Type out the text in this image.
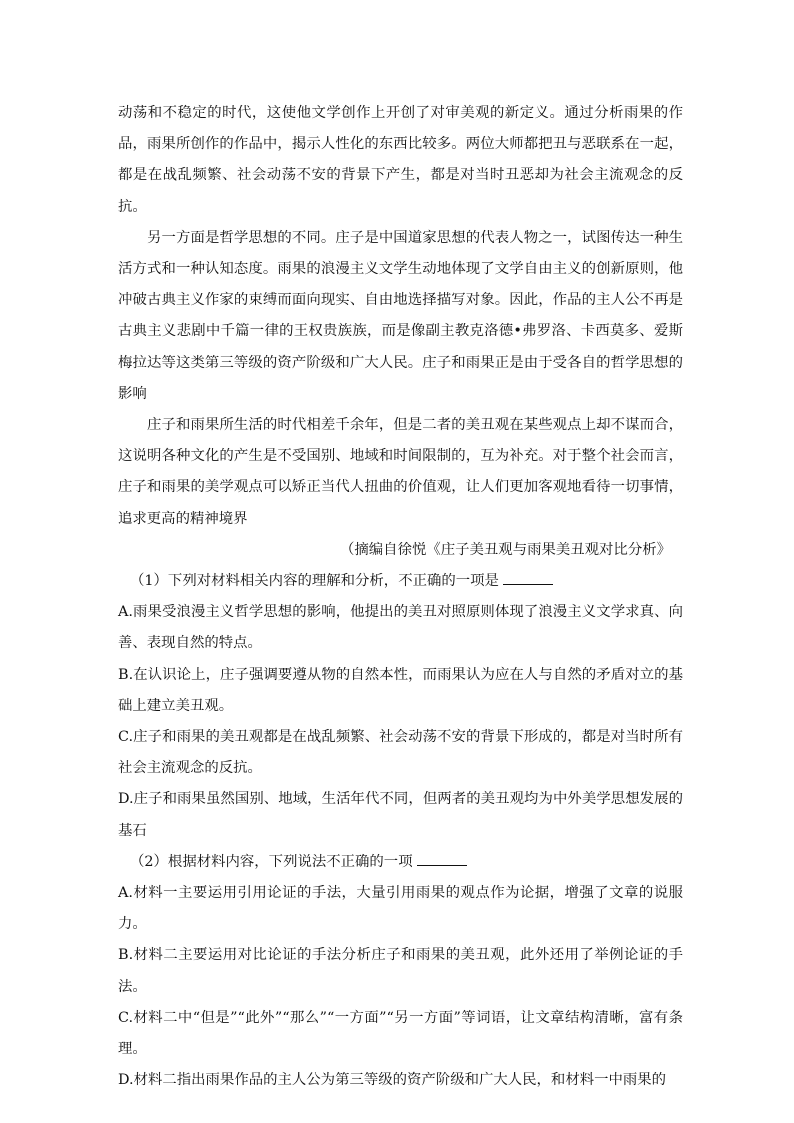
动荡和不稳定的时代，这使他文学创作上开创了对审美观的新定义。通过分析雨果的作品，雨果所创作的作品中，揭示人性化的东西比较多。两位大师都把丑与恶联系在一起，都是在战乱频繁、社会动荡不安的背景下产生，都是对当时丑恶却为社会主流观念的反抗。

另一方面是哲学思想的不同。庄子是中国道家思想的代表人物之一，试图传达一种生活方式和一种认知态度。雨果的浪漫主义文学生动地体现了文学自由主义的创新原则，他冲破古典主义作家的束缚而面向现实、自由地选择描写对象。因此，作品的主人公不再是古典主义悲剧中千篇一律的王权贵族族，而是像副主教克洛德•弗罗洛、卡西莫多、爱斯梅拉达等这类第三等级的资产阶级和广大人民。庄子和雨果正是由于受各自的哲学思想的影响

庄子和雨果所生活的时代相差千余年，但是二者的美丑观在某些观点上却不谋而合，这说明各种文化的产生是不受国别、地域和时间限制的，互为补充。对于整个社会而言，庄子和雨果的美学观点可以矫正当代人扭曲的价值观，让人们更加客观地看待一切事情，追求更高的精神境界

（摘编自徐悦《庄子美丑观与雨果美丑观对比分析》

（1）下列对材料相关内容的理解和分析，不正确的一项是

A.雨果受浪漫主义哲学思想的影响，他提出的美丑对照原则体现了浪漫主义文学求真、向善、表现自然的特点。

B.在认识论上，庄子强调要遵从物的自然本性，而雨果认为应在人与自然的矛盾对立的基础上建立美丑观。

C.庄子和雨果的美丑观都是在战乱频繁、社会动荡不安的背景下形成的，都是对当时所有社会主流观念的反抗。

D.庄子和雨果虽然国别、地域，生活年代不同，但两者的美丑观均为中外美学思想发展的基石

（2）根据材料内容，下列说法不正确的一项

A.材料一主要运用引用论证的手法，大量引用雨果的观点作为论据，增强了文章的说服力。

B.材料二主要运用对比论证的手法分析庄子和雨果的美丑观，此外还用了举例论证的手法。

C.材料二中“但是”“此外”“那么”“一方面”“另一方面”等词语，让文章结构清晰，富有条理。

D.材料二指出雨果作品的主人公为第三等级的资产阶级和广大人民，和材料一中雨果的
